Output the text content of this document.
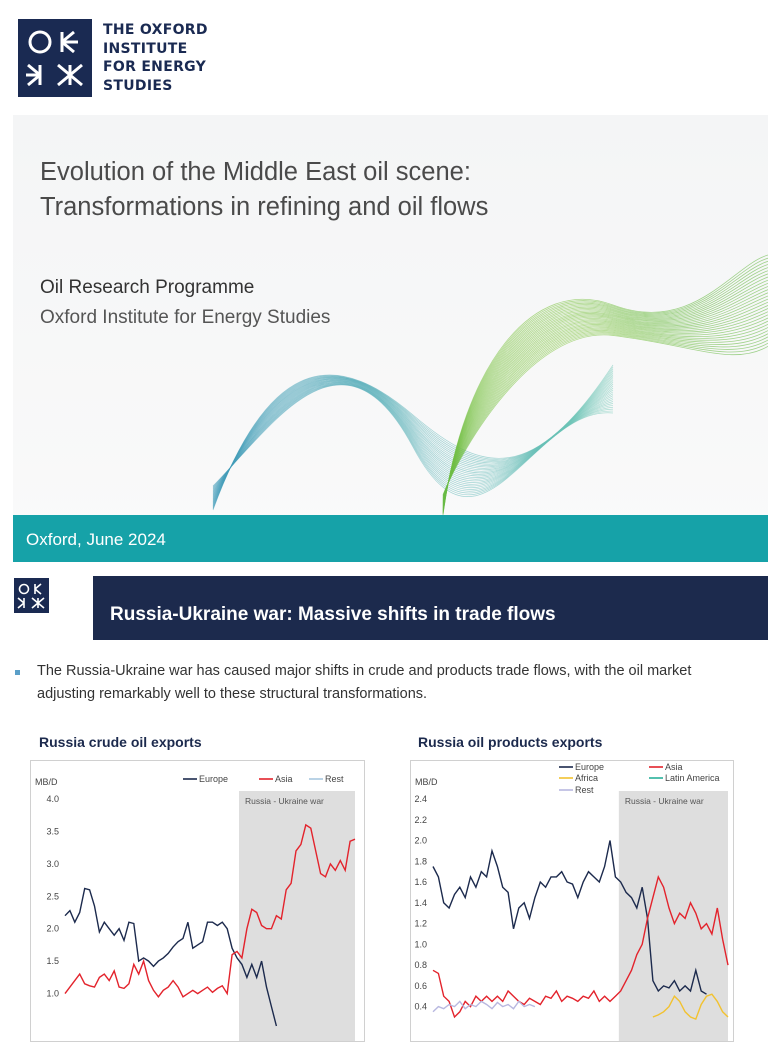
THE OXFORD
INSTITUTE
FOR ENERGY
STUDIES

Evolution of the Middle East oil scene:
Transformations in refining and oil flows
Oil Research Programme
Oxford Institute for Energy Studies
Oxford, June 2024
Russia-Ukraine war: Massive shifts in trade flows
The Russia-Ukraine war has caused major shifts in crude and products trade flows, with the oil market adjusting remarkably well to these structural transformations.
Russia crude oil exports
Russia - Ukraine war
MB/D
4.0
3.5
3.0
2.5
2.0
1.5
1.0
Europe	Asia	Rest
Russia oil products exports
Russia - Ukraine war
MB/D
2.4
2.2
2.0
1.8
1.6
1.4
1.2
1.0
0.8
0.6
0.4
Europe	Asia
Africa	Latin America
Rest
